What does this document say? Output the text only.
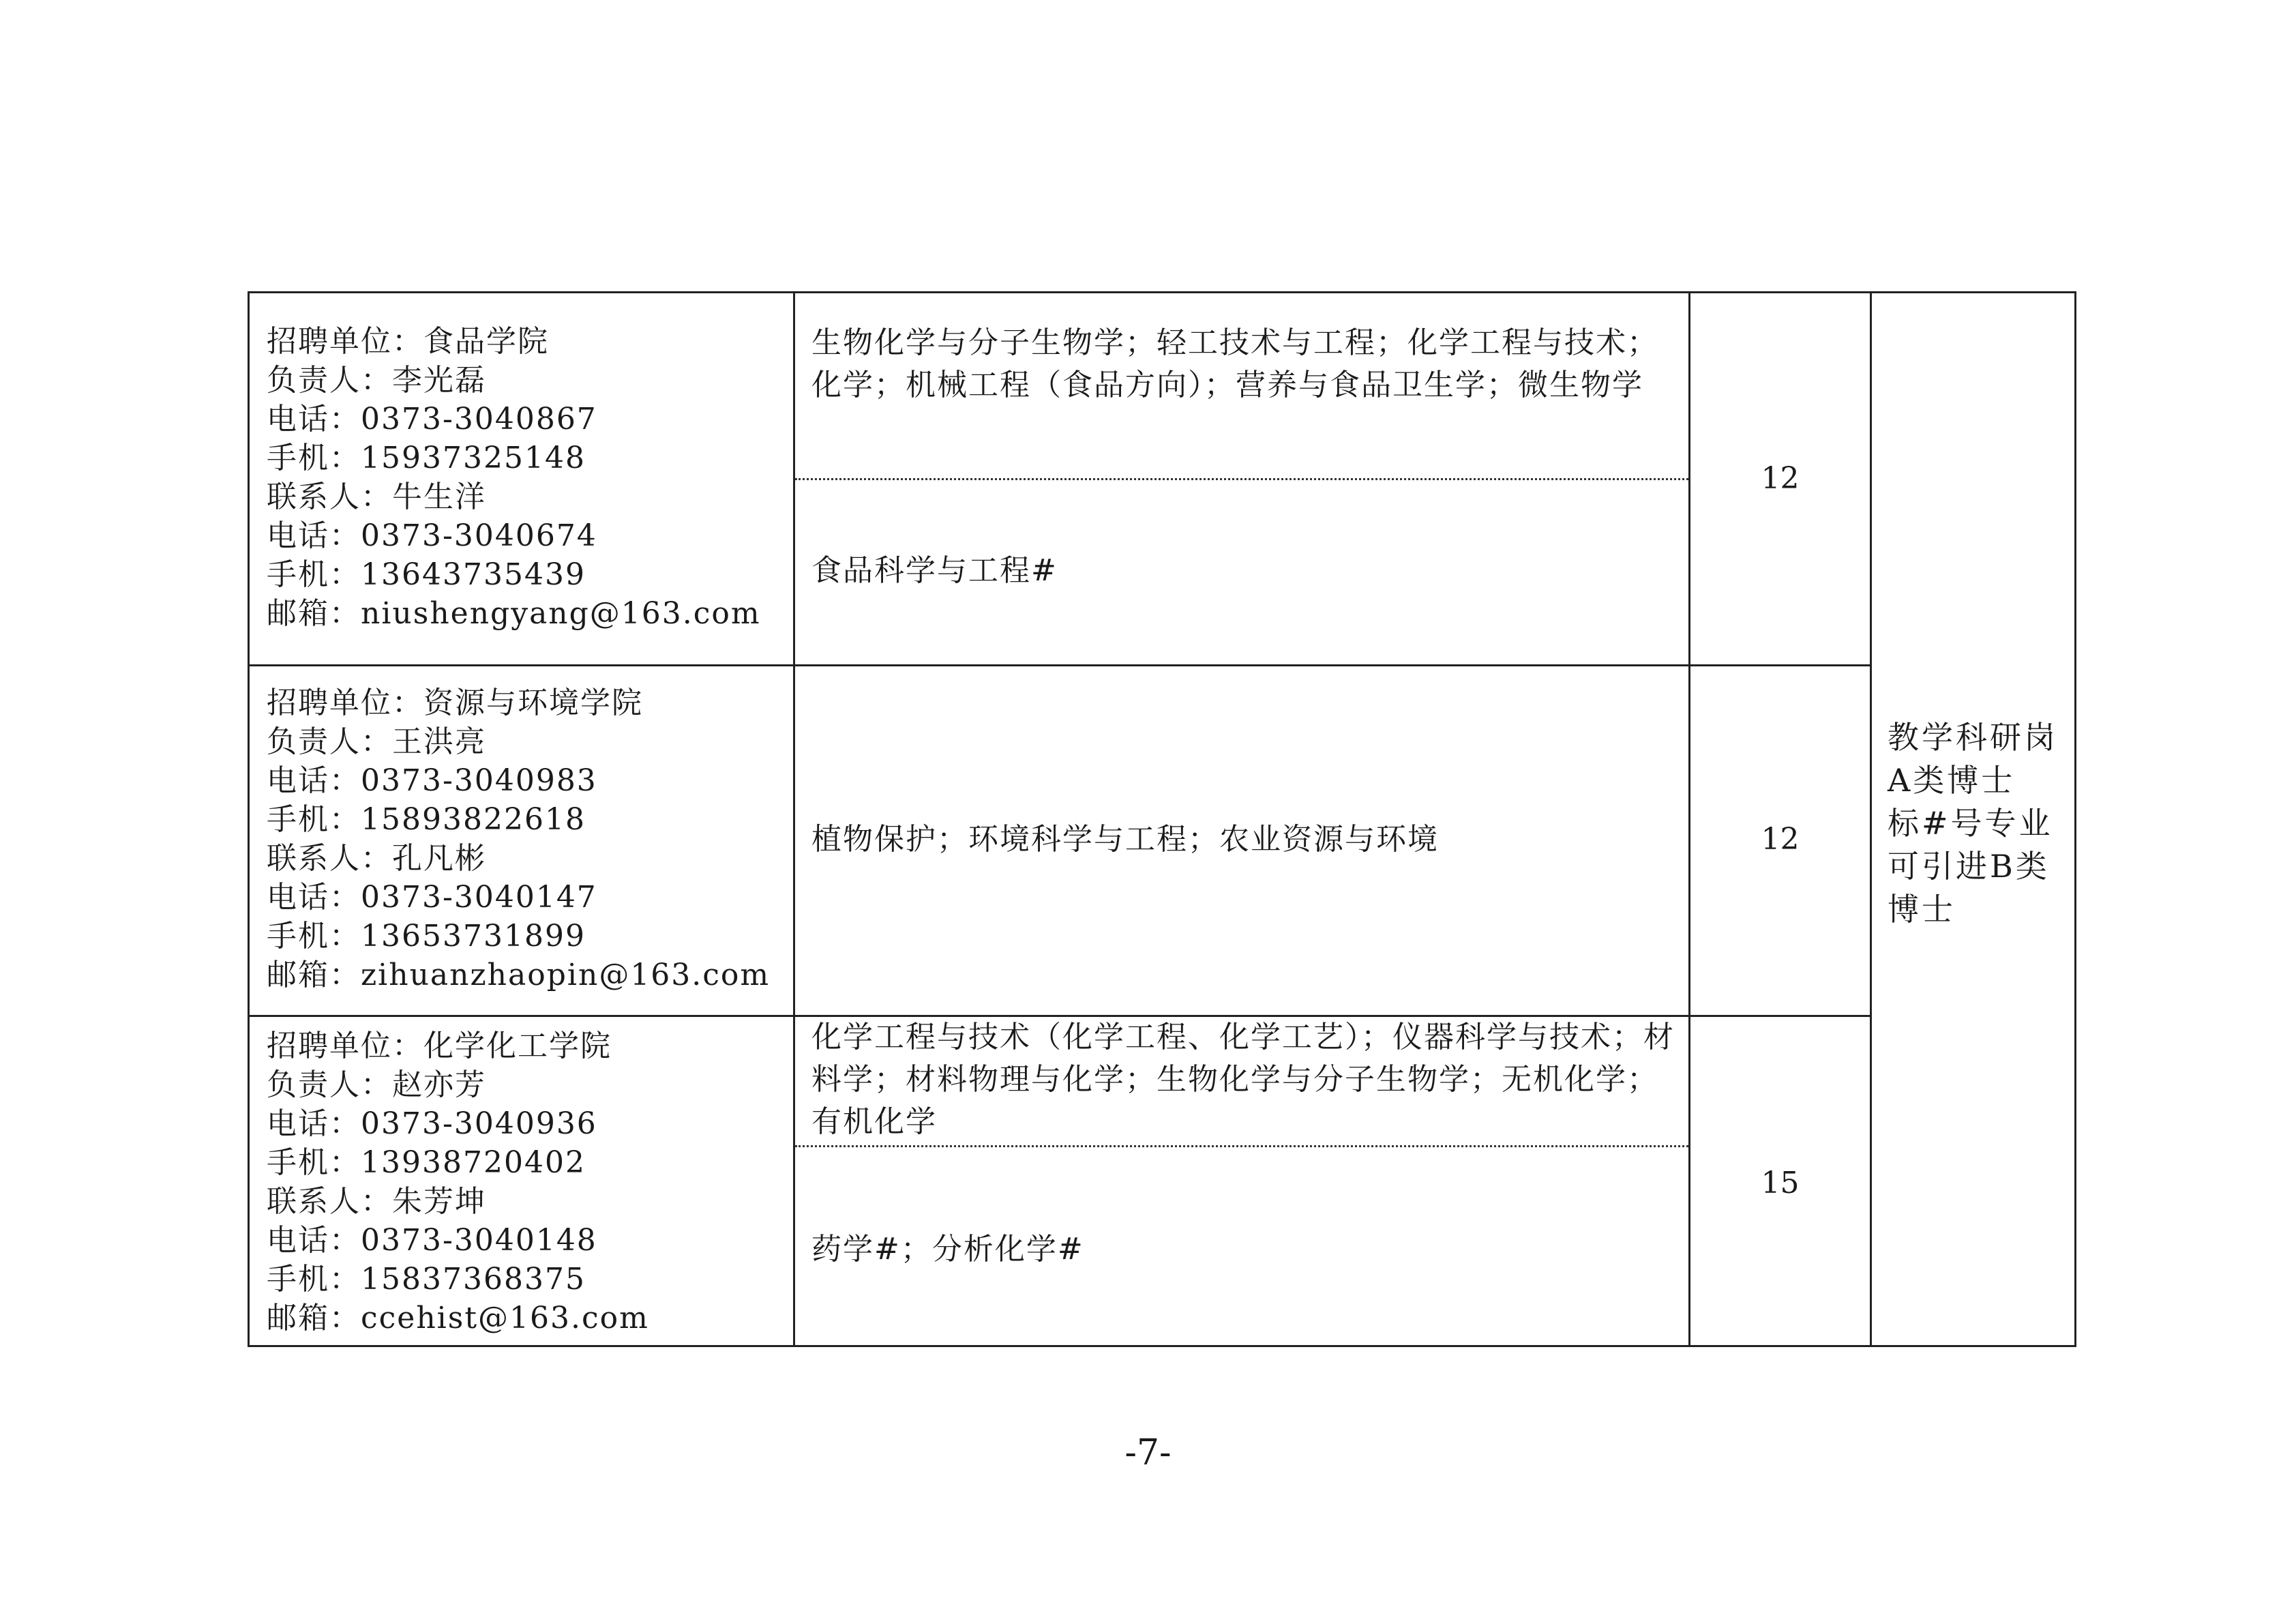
招聘单位：食品学院
负责人：李光磊
电话：0373-3040867
手机：15937325148
联系人：牛生洋
电话：0373-3040674
手机：13643735439
邮箱：niushengyang@163.com
生物化学与分子生物学；轻工技术与工程；化学工程与技术；化学；机械工程（食品方向）；营养与食品卫生学；微生物学
食品科学与工程#
12
招聘单位：资源与环境学院
负责人：王洪亮
电话：0373-3040983
手机：15893822618
联系人：孔凡彬
电话：0373-3040147
手机：13653731899
邮箱：zihuanzhaopin@163.com
植物保护；环境科学与工程；农业资源与环境	12
招聘单位：化学化工学院
负责人：赵亦芳
电话：0373-3040936
手机：13938720402
联系人：朱芳坤
电话：0373-3040148
手机：15837368375
邮箱：ccehist@163.com
化学工程与技术（化学工程、化学工艺）；仪器科学与技术；材料学；材料物理与化学；生物化学与分子生物学；无机化学；有机化学
药学#；分析化学#
15
教学科研岗
A类博士
标#号专业
可引进B类
博士
-7-
